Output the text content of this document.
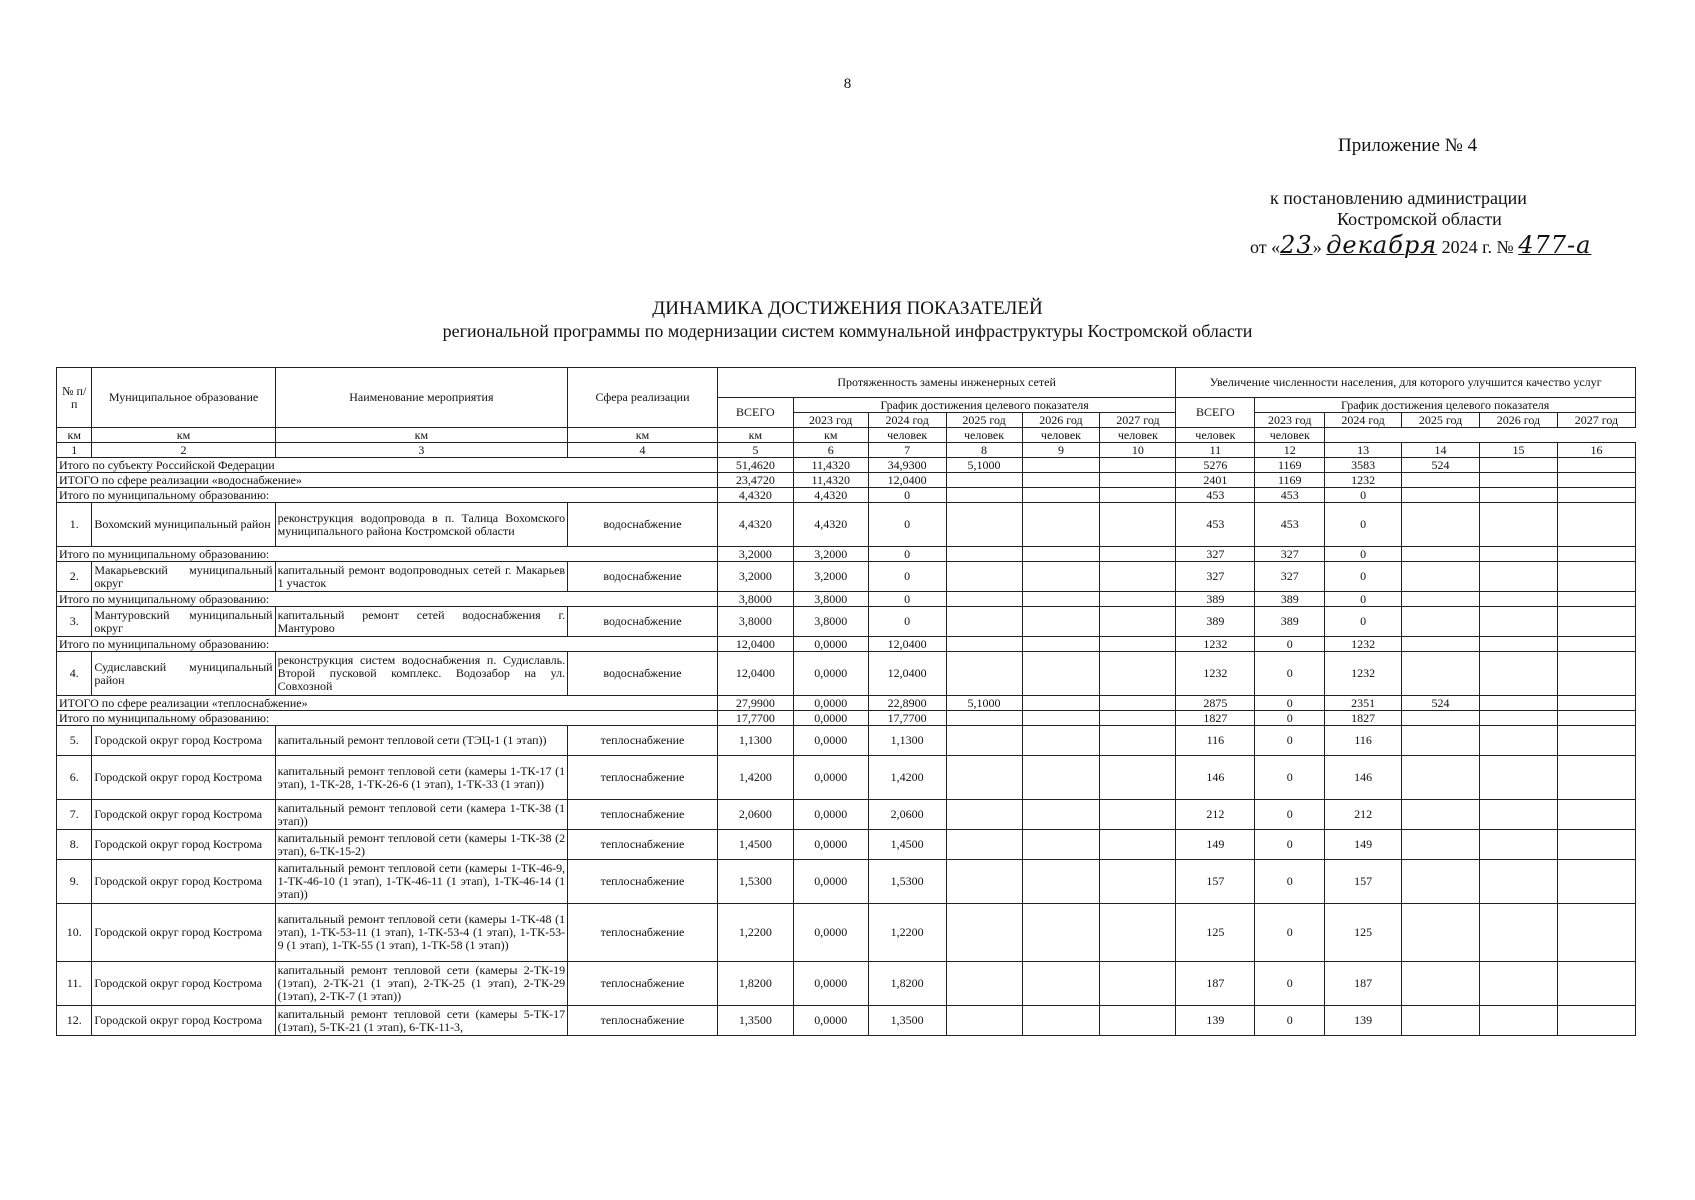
8
Приложение № 4
к постановлению администрации
Костромской области
от «23» декабря 2024 г. № 477-а
ДИНАМИКА ДОСТИЖЕНИЯ ПОКАЗАТЕЛЕЙ
региональной программы по модернизации систем коммунальной инфраструктуры Костромской области
№ п/п	Муниципальное образование	Наименование мероприятия	Сфера реализации	Протяженность замены инженерных сетей						Увеличение численности населения, для которого улучшится качество услуг					
				ВСЕГО	График достижения целевого показателя					ВСЕГО	График достижения целевого показателя				
					2023 год	2024 год	2025 год	2026 год	2027 год		2023 год	2024 год	2025 год	2026 год	2027 год
км	км	км	км	км	км	человек	человек	человек	человек	человек	человек				
1	2	3	4	5	6	7	8	9	10	11	12	13	14	15	16
Итого по субъекту Российской Федерации				51,4620	11,4320	34,9300	5,1000			5276	1169	3583	524		
ИТОГО по сфере реализации «водоснабжение»				23,4720	11,4320	12,0400				2401	1169	1232			
Итого по муниципальному образованию:				4,4320	4,4320	0				453	453	0			
1.	Вохомский муниципальный район	реконструкция водопровода в п. Талица Вохомского муниципального района Костромской области	водоснабжение	4,4320	4,4320	0				453	453	0			
Итого по муниципальному образованию:				3,2000	3,2000	0				327	327	0			
2.	Макарьевский муниципальный округ	капитальный ремонт водопроводных сетей г. Макарьев 1 участок	водоснабжение	3,2000	3,2000	0				327	327	0			
Итого по муниципальному образованию:				3,8000	3,8000	0				389	389	0			
3.	Мантуровский муниципальный округ	капитальный ремонт сетей водоснабжения г. Мантурово	водоснабжение	3,8000	3,8000	0				389	389	0			
Итого по муниципальному образованию:				12,0400	0,0000	12,0400				1232	0	1232			
4.	Судиславский муниципальный район	реконструкция систем водоснабжения п. Судиславль. Второй пусковой комплекс. Водозабор на ул. Совхозной	водоснабжение	12,0400	0,0000	12,0400				1232	0	1232			
ИТОГО по сфере реализации «теплоснабжение»				27,9900	0,0000	22,8900	5,1000			2875	0	2351	524		
Итого по муниципальному образованию:				17,7700	0,0000	17,7700				1827	0	1827			
5.	Городской округ город Кострома	капитальный ремонт тепловой сети (ТЭЦ-1 (1 этап))	теплоснабжение	1,1300	0,0000	1,1300				116	0	116			
6.	Городской округ город Кострома	капитальный ремонт тепловой сети (камеры 1-ТК-17 (1 этап), 1-ТК-28, 1-ТК-26-6 (1 этап), 1-ТК-33 (1 этап))	теплоснабжение	1,4200	0,0000	1,4200				146	0	146			
7.	Городской округ город Кострома	капитальный ремонт тепловой сети (камера 1-ТК-38 (1 этап))	теплоснабжение	2,0600	0,0000	2,0600				212	0	212			
8.	Городской округ город Кострома	капитальный ремонт тепловой сети (камеры 1-ТК-38 (2 этап), 6-ТК-15-2)	теплоснабжение	1,4500	0,0000	1,4500				149	0	149			
9.	Городской округ город Кострома	капитальный ремонт тепловой сети (камеры 1-ТК-46-9, 1-ТК-46-10 (1 этап), 1-ТК-46-11 (1 этап), 1-ТК-46-14 (1 этап))	теплоснабжение	1,5300	0,0000	1,5300				157	0	157			
10.	Городской округ город Кострома	капитальный ремонт тепловой сети (камеры 1-ТК-48 (1 этап), 1-ТК-53-11 (1 этап), 1-ТК-53-4 (1 этап), 1-ТК-53-9 (1 этап), 1-ТК-55 (1 этап), 1-ТК-58 (1 этап))	теплоснабжение	1,2200	0,0000	1,2200				125	0	125			
11.	Городской округ город Кострома	капитальный ремонт тепловой сети (камеры 2-ТК-19 (1этап), 2-ТК-21 (1 этап), 2-ТК-25 (1 этап), 2-ТК-29 (1этап), 2-ТК-7 (1 этап))	теплоснабжение	1,8200	0,0000	1,8200				187	0	187			
12.	Городской округ город Кострома	капитальный ремонт тепловой сети (камеры 5-ТК-17 (1этап), 5-ТК-21 (1 этап), 6-ТК-11-3,	теплоснабжение	1,3500	0,0000	1,3500				139	0	139			
